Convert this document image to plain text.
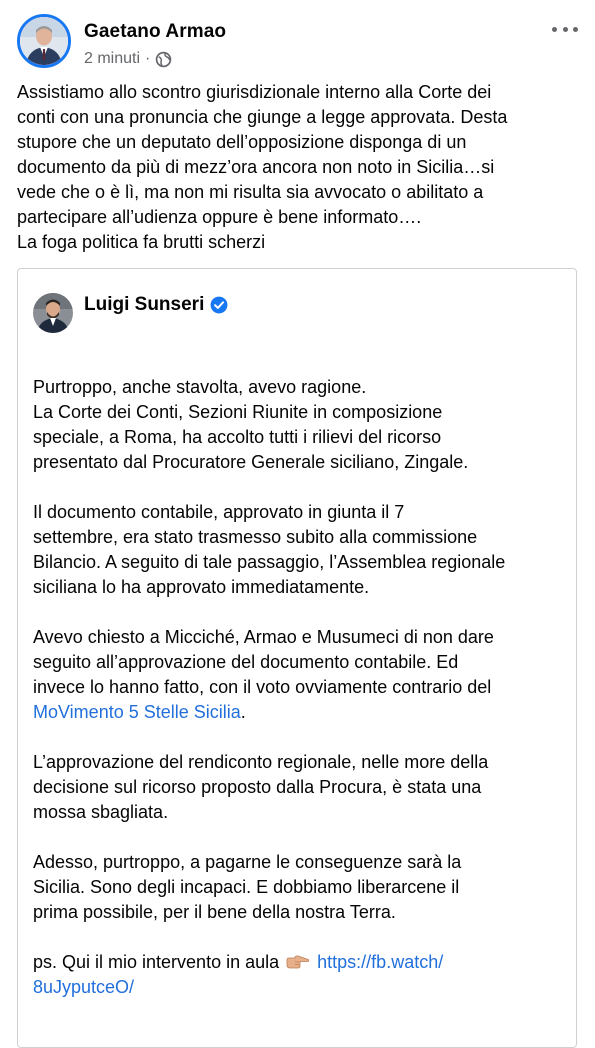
Gaetano Armao
2 minuti ·
Assistiamo allo scontro giurisdizionale interno alla Corte dei
conti con una pronuncia che giunge a legge approvata. Desta
stupore che un deputato dell’opposizione disponga di un
documento da più di mezz’ora ancora non noto in Sicilia…si
vede che o è lì, ma non mi risulta sia avvocato o abilitato a
partecipare all’udienza oppure è bene informato….
La foga politica fa brutti scherzi
Luigi Sunseri

Purtroppo, anche stavolta, avevo ragione.
La Corte dei Conti, Sezioni Riunite in composizione
speciale, a Roma, ha accolto tutti i rilievi del ricorso
presentato dal Procuratore Generale siciliano, Zingale.

Il documento contabile, approvato in giunta il 7
settembre, era stato trasmesso subito alla commissione
Bilancio. A seguito di tale passaggio, l’Assemblea regionale
siciliana lo ha approvato immediatamente.

Avevo chiesto a Micciché, Armao e Musumeci di non dare
seguito all’approvazione del documento contabile. Ed
invece lo hanno fatto, con il voto ovviamente contrario del
MoVimento 5 Stelle Sicilia.

L’approvazione del rendiconto regionale, nelle more della
decisione sul ricorso proposto dalla Procura, è stata una
mossa sbagliata.

Adesso, purtroppo, a pagarne le conseguenze sarà la
Sicilia. Sono degli incapaci. E dobbiamo liberarcene il
prima possibile, per il bene della nostra Terra.

ps. Qui il mio intervento in aula https://fb.watch/
8uJyputceO/
